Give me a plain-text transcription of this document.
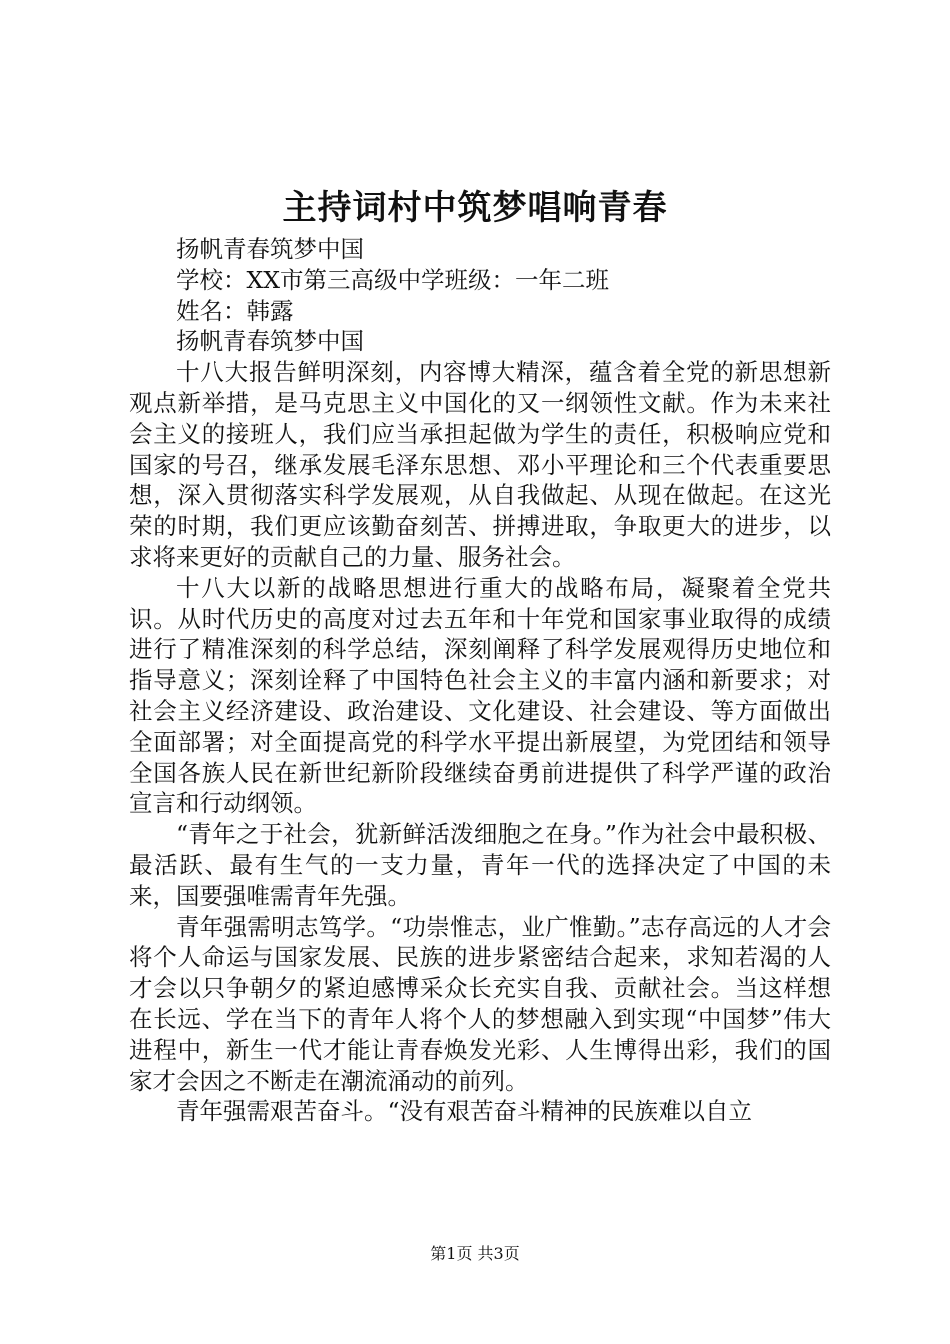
主持词村中筑梦唱响青春

扬帆青春筑梦中国

学校：XX市第三高级中学班级：一年二班

姓名：韩露

扬帆青春筑梦中国

十八大报告鲜明深刻，内容博大精深，蕴含着全党的新思想新观点新举措，是马克思主义中国化的又一纲领性文献。作为未来社会主义的接班人，我们应当承担起做为学生的责任，积极响应党和国家的号召，继承发展毛泽东思想、邓小平理论和三个代表重要思想，深入贯彻落实科学发展观，从自我做起、从现在做起。在这光荣的时期，我们更应该勤奋刻苦、拼搏进取，争取更大的进步，以求将来更好的贡献自己的力量、服务社会。

十八大以新的战略思想进行重大的战略布局，凝聚着全党共识。从时代历史的高度对过去五年和十年党和国家事业取得的成绩进行了精准深刻的科学总结，深刻阐释了科学发展观得历史地位和指导意义；深刻诠释了中国特色社会主义的丰富内涵和新要求；对社会主义经济建设、政治建设、文化建设、社会建设、等方面做出全面部署；对全面提高党的科学水平提出新展望，为党团结和领导全国各族人民在新世纪新阶段继续奋勇前进提供了科学严谨的政治宣言和行动纲领。

“青年之于社会，犹新鲜活泼细胞之在身。”作为社会中最积极、最活跃、最有生气的一支力量，青年一代的选择决定了中国的未来，国要强唯需青年先强。

青年强需明志笃学。“功崇惟志，业广惟勤。”志存高远的人才会将个人命运与国家发展、民族的进步紧密结合起来，求知若渴的人才会以只争朝夕的紧迫感博采众长充实自我、贡献社会。当这样想在长远、学在当下的青年人将个人的梦想融入到实现“中国梦”伟大进程中，新生一代才能让青春焕发光彩、人生博得出彩，我们的国家才会因之不断走在潮流涌动的前列。

青年强需艰苦奋斗。“没有艰苦奋斗精神的民族难以自立

第1页 共3页
